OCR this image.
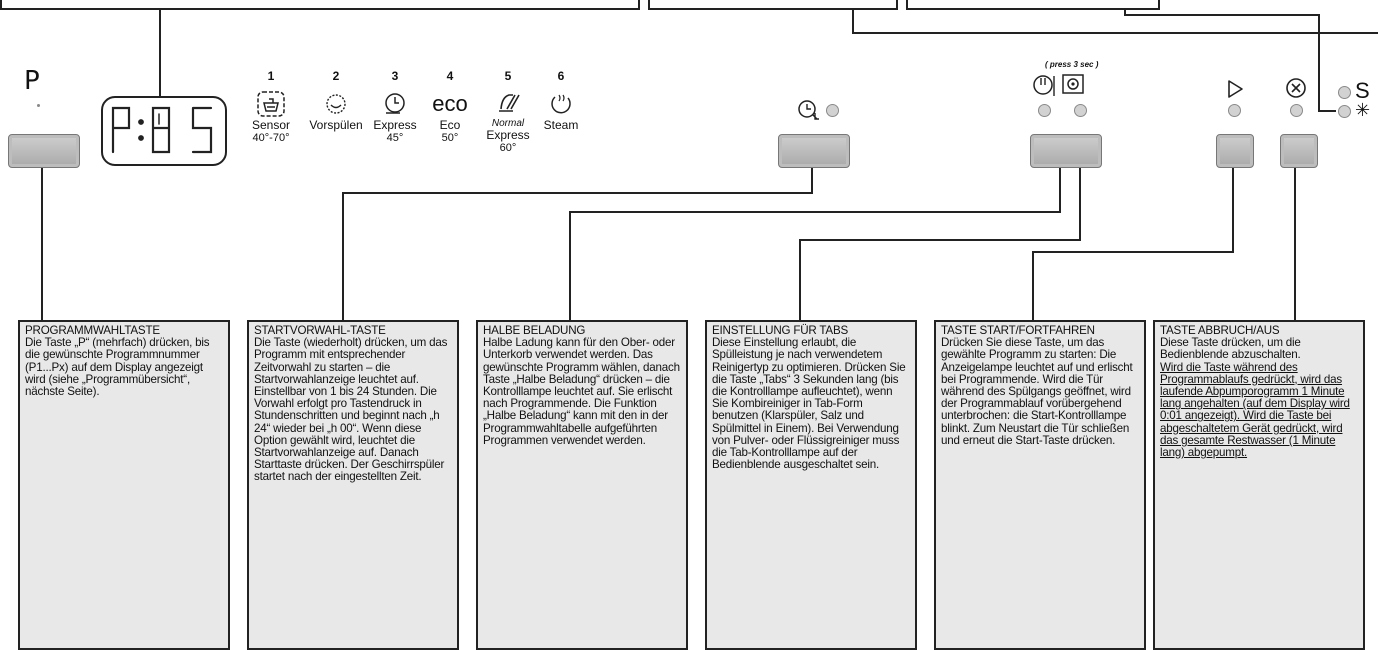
P	1
Sensor
40°-70°
2
Vorspülen
3
Express
45°
4
eco
Eco
50°
5
Normal
Express
60°
6
Steam
( press 3 sec )
S
✳
PROGRAMMWAHLTASTE
Die Taste „P“ (mehrfach) drücken, bis die gewünschte Programmnummer (P1...Px) auf dem Display angezeigt wird (siehe „Programmübersicht“, nächste Seite).
STARTVORWAHL-TASTE
Die Taste (wiederholt) drücken, um das Programm mit entsprechender Zeitvorwahl zu starten – die Startvorwahlanzeige leuchtet auf. Einstellbar von 1 bis 24 Stunden. Die Vorwahl erfolgt pro Tastendruck in Stundenschritten und beginnt nach „h 24“ wieder bei „h 00“. Wenn diese Option gewählt wird, leuchtet die Startvorwahlanzeige auf. Danach Starttaste drücken. Der Geschirrspüler startet nach der eingestellten Zeit.
HALBE BELADUNG
Halbe Ladung kann für den Ober- oder Unterkorb verwendet werden. Das gewünschte Programm wählen, danach Taste „Halbe Beladung“ drücken – die Kontrolllampe leuchtet auf. Sie erlischt nach Programmende. Die Funktion „Halbe Beladung“ kann mit den in der Programmwahltabelle aufgeführten Programmen verwendet werden.
EINSTELLUNG FÜR TABS
Diese Einstellung erlaubt, die Spülleistung je nach verwendetem Reinigertyp zu optimieren. Drücken Sie die Taste „Tabs“ 3 Sekunden lang (bis die Kontrolllampe aufleuchtet), wenn Sie Kombireiniger in Tab-Form benutzen (Klarspüler, Salz und Spülmittel in Einem). Bei Verwendung von Pulver- oder Flüssigreiniger muss die Tab-Kontrolllampe auf der Bedienblende ausgeschaltet sein.
TASTE START/FORTFAHREN
Drücken Sie diese Taste, um das gewählte Programm zu starten: Die Anzeigelampe leuchtet auf und erlischt bei Programmende. Wird die Tür während des Spülgangs geöffnet, wird der Programmablauf vorübergehend unterbrochen: die Start-Kontrolllampe blinkt. Zum Neustart die Tür schließen und erneut die Start-Taste drücken.
TASTE ABBRUCH/AUS
Diese Taste drücken, um die Bedienblende abzuschalten.
Wird die Taste während des Programmablaufs gedrückt, wird das laufende Abpumporogramm 1 Minute lang angehalten (auf dem Display wird 0:01 angezeigt). Wird die Taste bei abgeschaltetem Gerät gedrückt, wird das gesamte Restwasser (1 Minute lang) abgepumpt.
